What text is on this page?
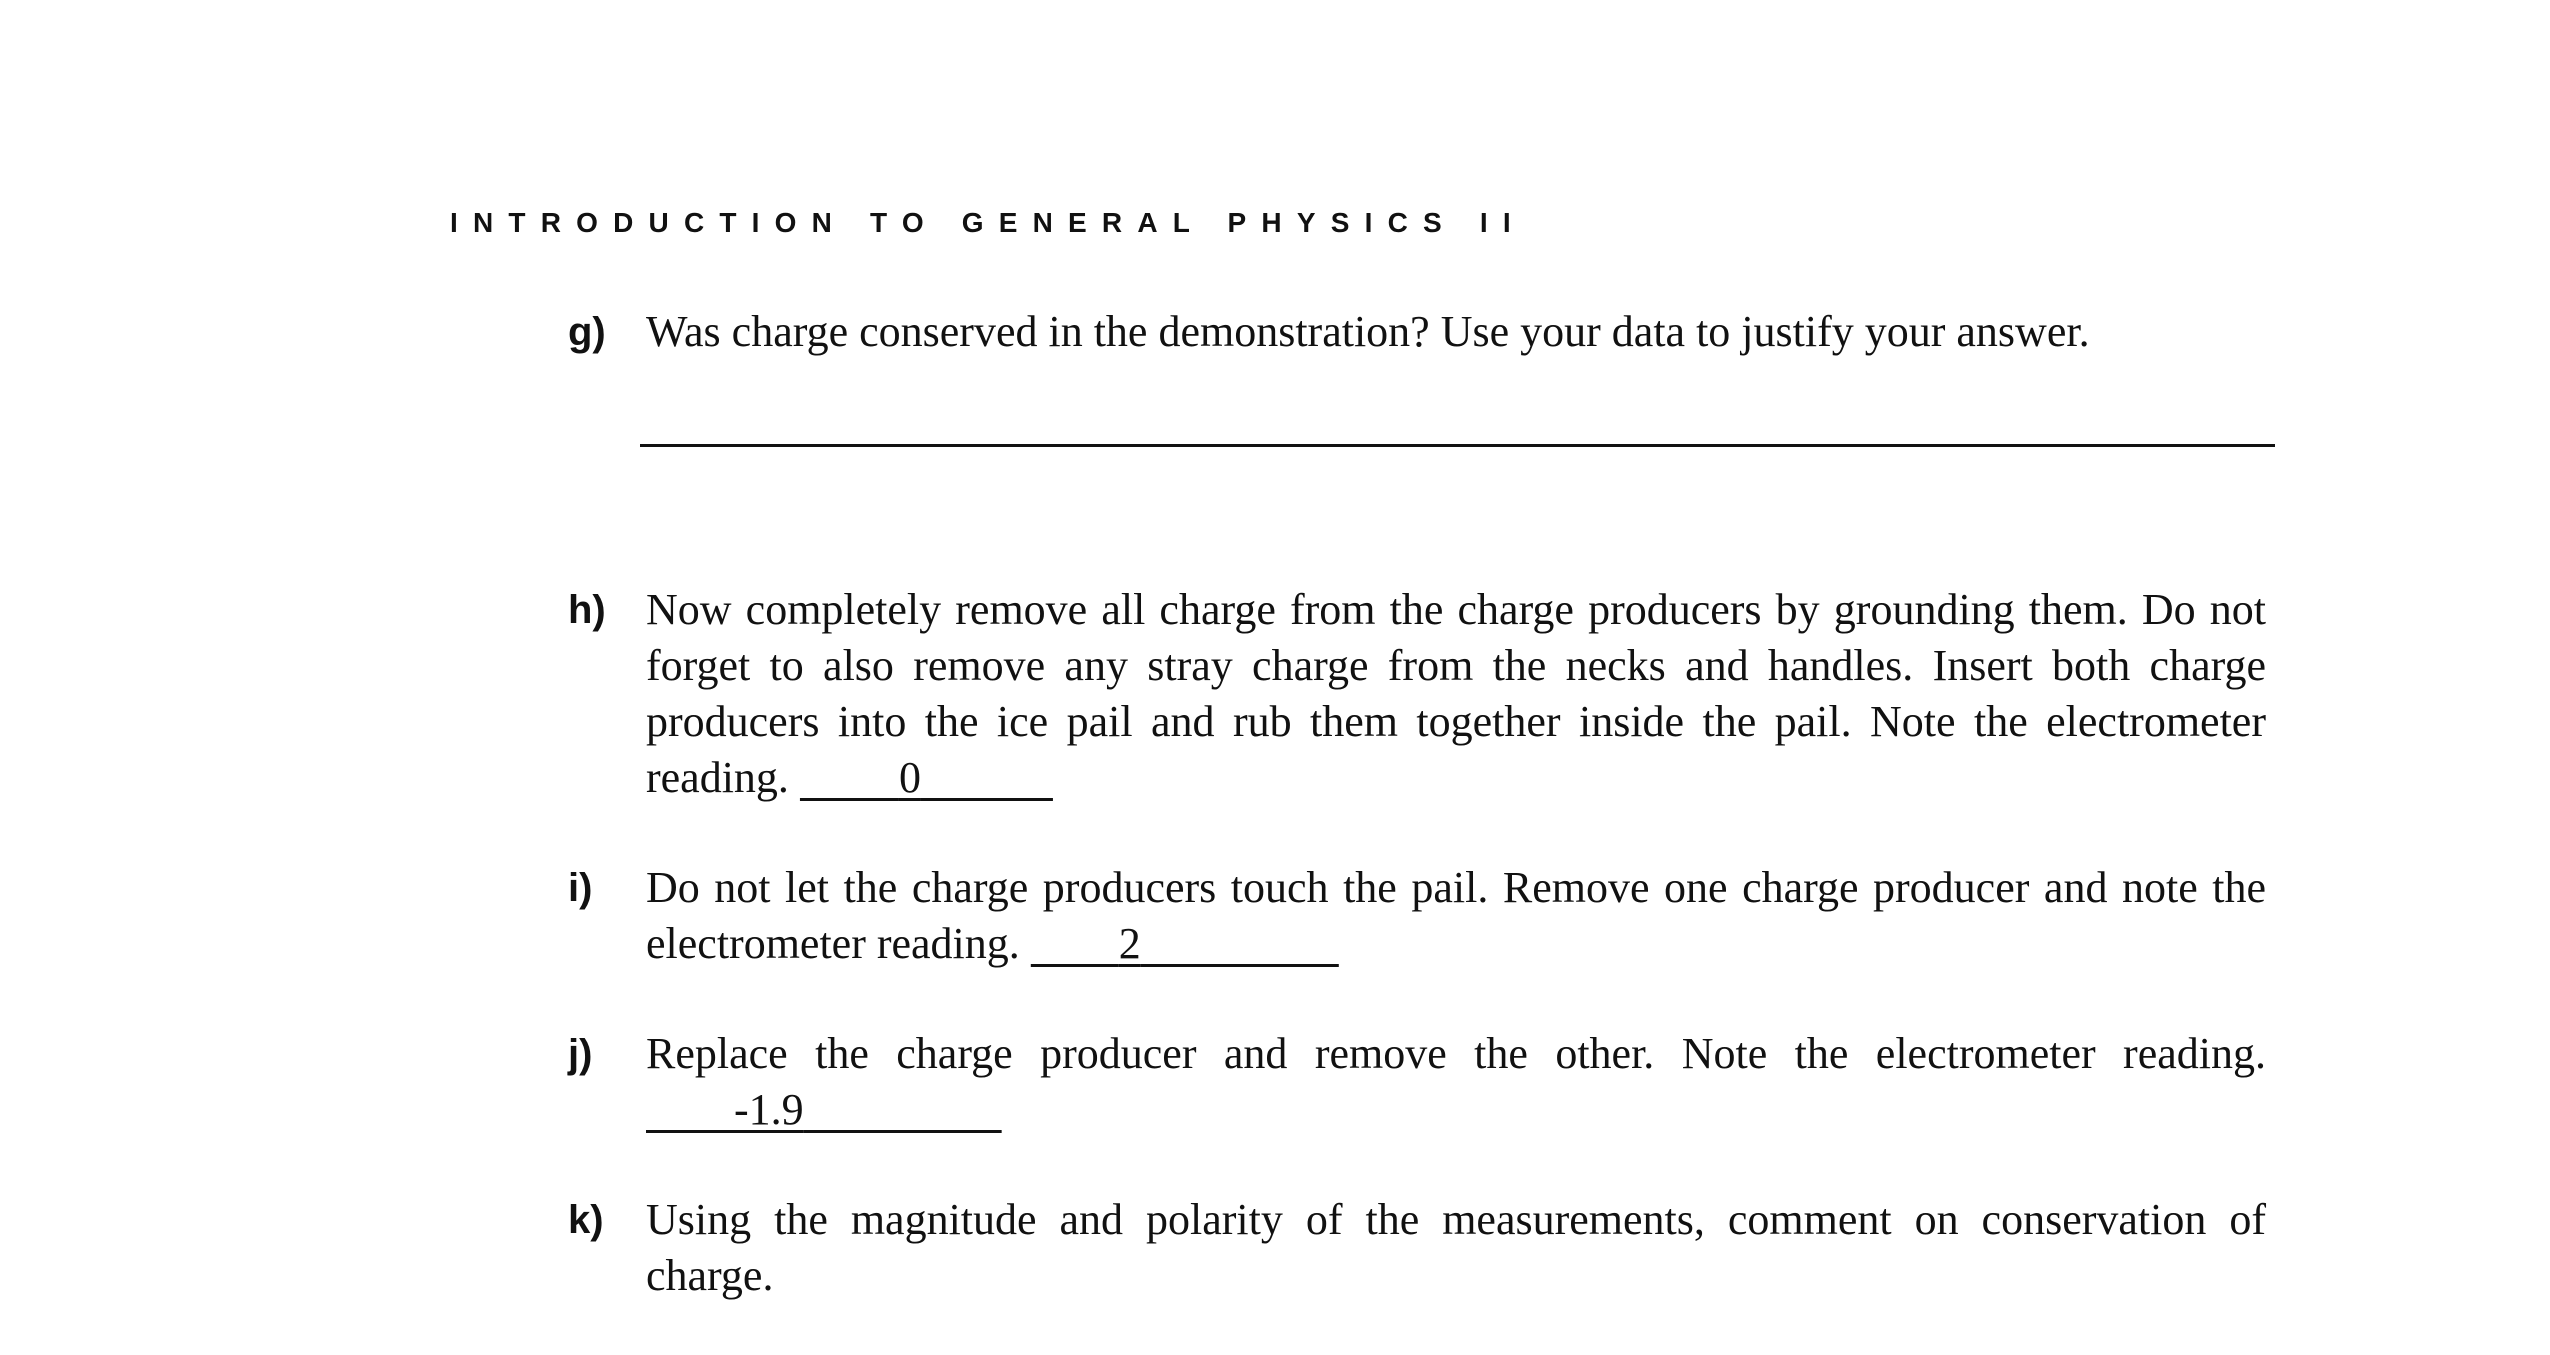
INTRODUCTION TO GENERAL PHYSICS II
g) Was charge conserved in the demonstration? Use your data to justify your answer.
h) Now completely remove all charge from the charge producers by grounding them. Do not forget to also remove any stray charge from the necks and handles. Insert both charge producers into the ice pail and rub them together inside the pail. Note the electrometer reading.	0
i) Do not let the charge producers touch the pail. Remove one charge producer and note the electrometer reading. 2
j) Replace the charge producer and remove the other. Note the electrometer reading.         -1.9
k) Using the magnitude and polarity of the measurements, comment on conservation of charge.
